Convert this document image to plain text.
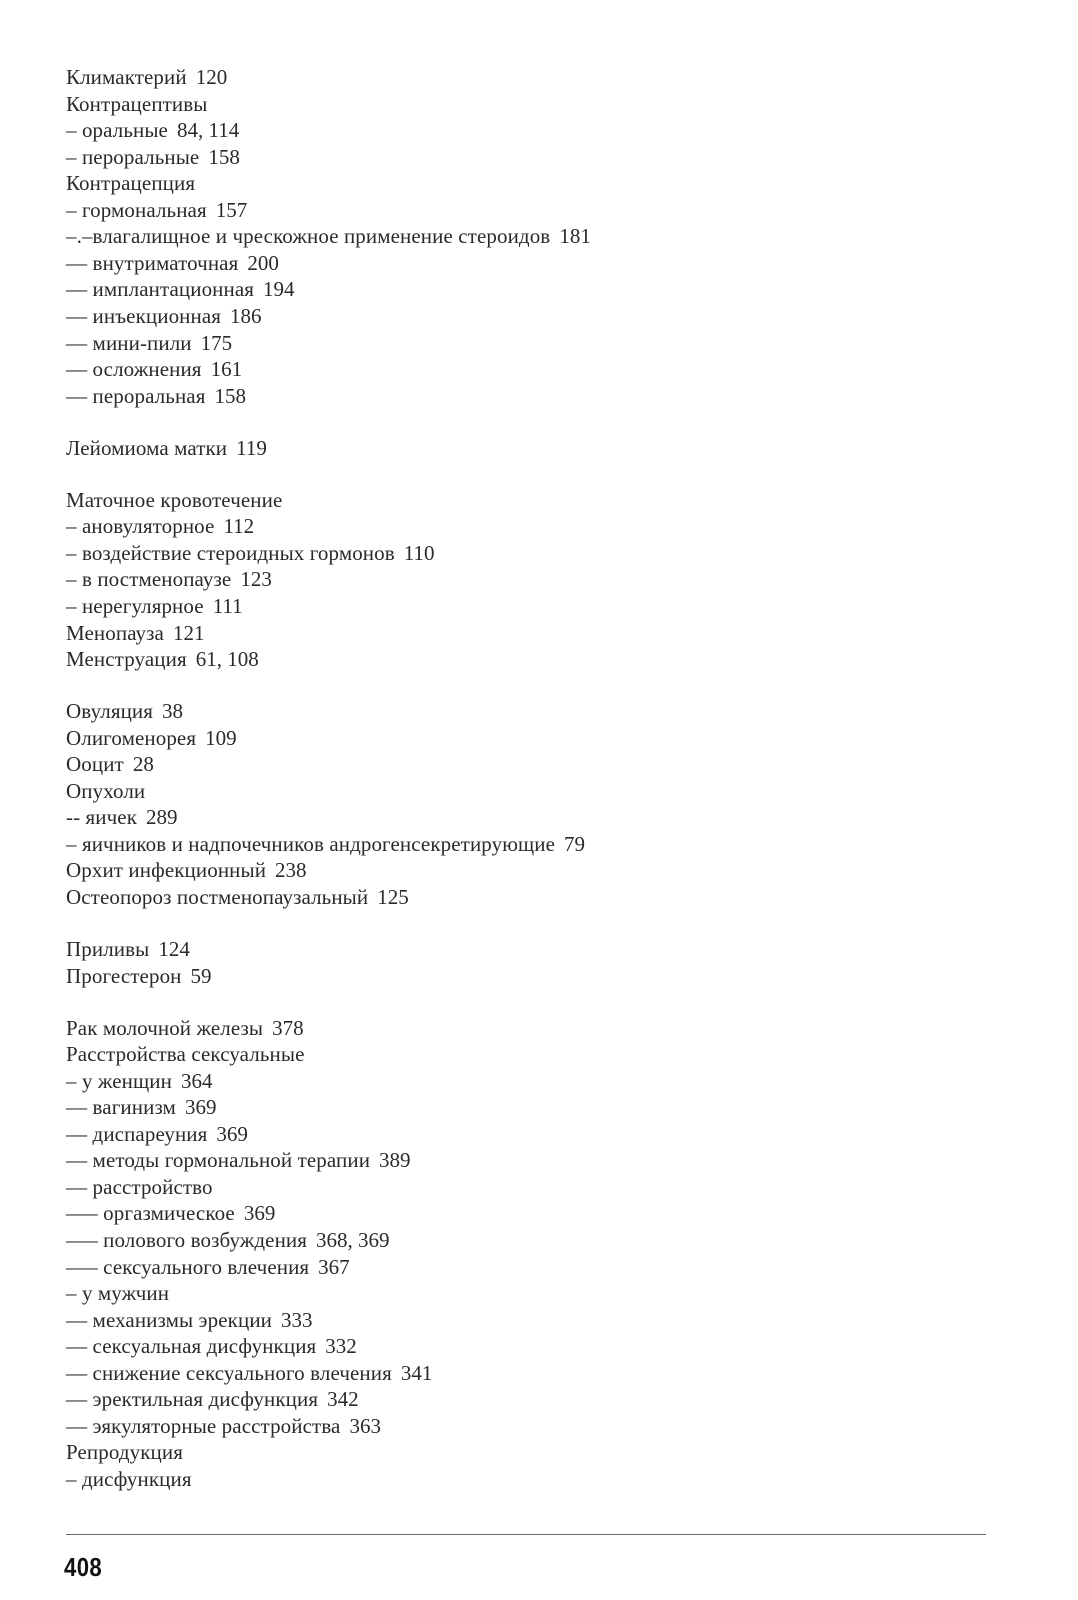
Климактерий 120
Контрацептивы
– оральные 84, 114
– пероральные 158
Контрацепция
– гормональная 157
–.–влагалищное и чрескожное применение стероидов 181
–– внутриматочная 200
–– имплантационная 194
–– инъекционная 186
–– мини-пили 175
–– осложнения 161
–– пероральная 158
Лейомиома матки 119
Маточное кровотечение
– ановуляторное 112
– воздействие стероидных гормонов 110
– в постменопаузе 123
– нерегулярное 111
Менопауза 121
Менструация 61, 108
Овуляция 38
Олигоменорея 109
Ооцит 28
Опухоли
-- яичек 289
– яичников и надпочечников андрогенсекретирующие 79
Орхит инфекционный 238
Остеопороз постменопаузальный 125
Приливы 124
Прогестерон 59
Рак молочной железы 378
Расстройства сексуальные
– у женщин 364
–– вагинизм 369
–– диспареуния 369
–– методы гормональной терапии 389
–– расстройство
––– оргазмическое 369
––– полового возбуждения 368, 369
––– сексуального влечения 367
– у мужчин
–– механизмы эрекции 333
–– сексуальная дисфункция 332
–– снижение сексуального влечения 341
–– эректильная дисфункция 342
–– эякуляторные расстройства 363
Репродукция
– дисфункция
408
